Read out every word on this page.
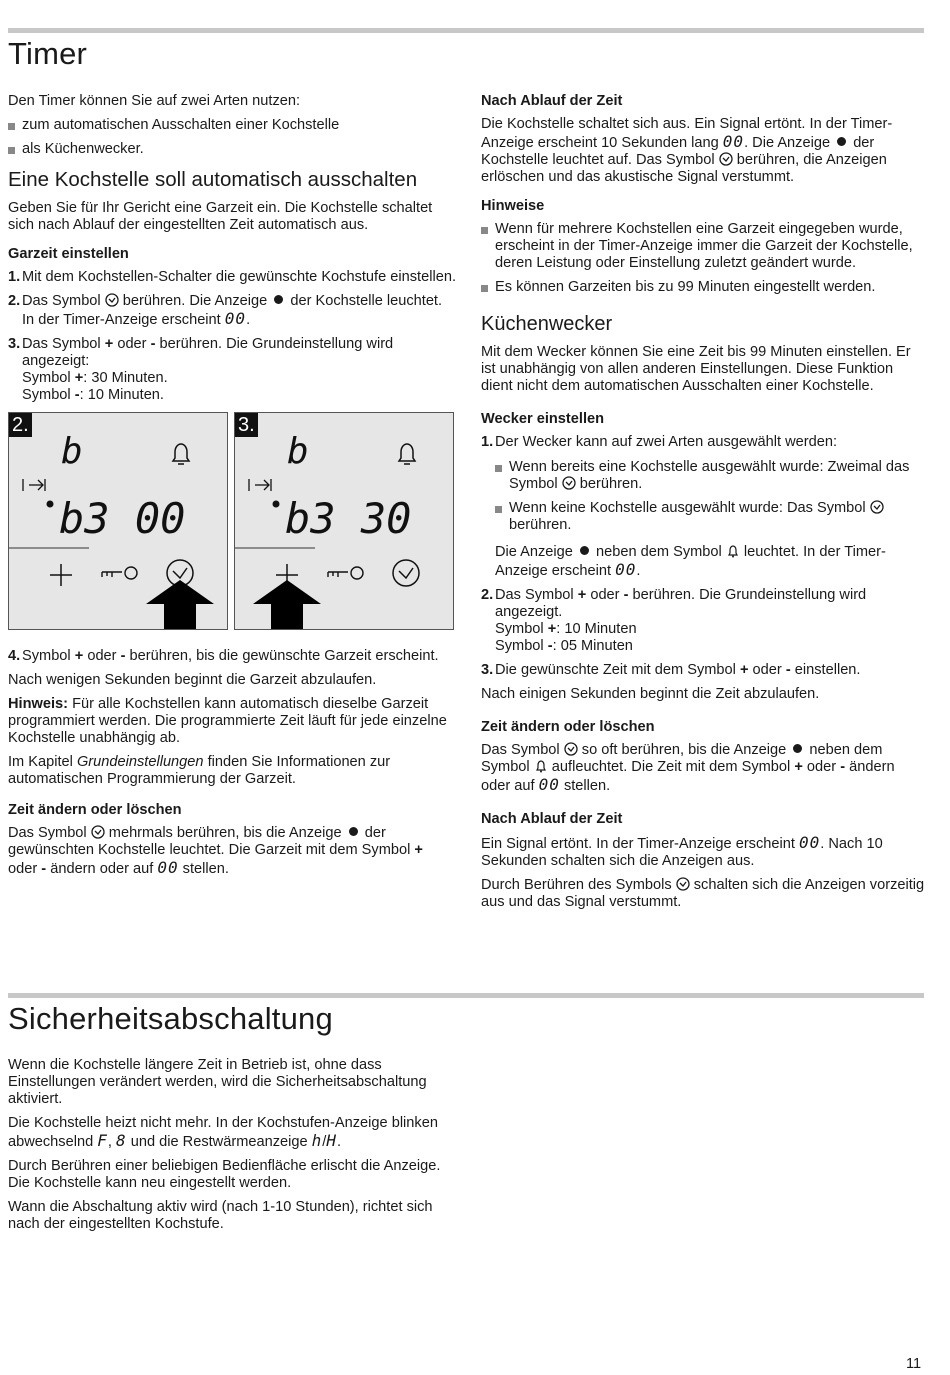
Timer

Den Timer können Sie auf zwei Arten nutzen:

zum automatischen Ausschalten einer Kochstelle
als Küchenwecker.
Eine Kochstelle soll automatisch ausschalten

Geben Sie für Ihr Gericht eine Garzeit ein. Die Kochstelle schaltet sich nach Ablauf der eingestellten Zeit automatisch aus.

Garzeit einstellen
1. Mit dem Kochstellen-Schalter die gewünschte Kochstufe einstellen.
2. Das Symbol berühren. Die Anzeige der Kochstelle leuchtet. In der Timer-Anzeige erscheint 00.
3. Das Symbol + oder - berühren. Die Grundeinstellung wird angezeigt:
Symbol +: 30 Minuten.
Symbol -: 10 Minuten.
b
b3 00
2.
b
b3 30
3.
4. Symbol + oder - berühren, bis die gewünschte Garzeit erscheint.

Nach wenigen Sekunden beginnt die Garzeit abzulaufen.

Hinweis: Für alle Kochstellen kann automatisch dieselbe Garzeit programmiert werden. Die programmierte Zeit läuft für jede einzelne Kochstelle unabhängig ab.

Im Kapitel Grundeinstellungen finden Sie Informationen zur automatischen Programmierung der Garzeit.

Zeit ändern oder löschen

Das Symbol mehrmals berühren, bis die Anzeige der gewünschten Kochstelle leuchtet. Die Garzeit mit dem Symbol + oder - ändern oder auf 00 stellen.

Nach Ablauf der Zeit

Die Kochstelle schaltet sich aus. Ein Signal ertönt. In der Timer-Anzeige erscheint 10 Sekunden lang 00. Die Anzeige der Kochstelle leuchtet auf. Das Symbol berühren, die Anzeigen erlöschen und das akustische Signal verstummt.

Hinweise
Wenn für mehrere Kochstellen eine Garzeit eingegeben wurde, erscheint in der Timer-Anzeige immer die Garzeit der Kochstelle, deren Leistung oder Einstellung zuletzt geändert wurde.
Es können Garzeiten bis zu 99 Minuten eingestellt werden.
Küchenwecker

Mit dem Wecker können Sie eine Zeit bis 99 Minuten einstellen. Er ist unabhängig von allen anderen Einstellungen. Diese Funktion dient nicht dem automatischen Ausschalten einer Kochstelle.

Wecker einstellen
1. Der Wecker kann auf zwei Arten ausgewählt werden:
Wenn bereits eine Kochstelle ausgewählt wurde: Zweimal das Symbol berühren.
Wenn keine Kochstelle ausgewählt wurde: Das Symbol  berühren.
Die Anzeige neben dem Symbol leuchtet. In der Timer-Anzeige erscheint 00.
2. Das Symbol + oder - berühren. Die Grundeinstellung wird angezeigt.
Symbol +: 10 Minuten
Symbol -: 05 Minuten
3. Die gewünschte Zeit mit dem Symbol + oder - einstellen.

Nach einigen Sekunden beginnt die Zeit abzulaufen.

Zeit ändern oder löschen

Das Symbol so oft berühren, bis die Anzeige neben dem Symbol aufleuchtet. Die Zeit mit dem Symbol + oder - ändern oder auf 00 stellen.

Nach Ablauf der Zeit

Ein Signal ertönt. In der Timer-Anzeige erscheint 00. Nach 10 Sekunden schalten sich die Anzeigen aus.

Durch Berühren des Symbols schalten sich die Anzeigen vorzeitig aus und das Signal verstummt.

Sicherheitsabschaltung

Wenn die Kochstelle längere Zeit in Betrieb ist, ohne dass Einstellungen verändert werden, wird die Sicherheitsabschaltung aktiviert.

Die Kochstelle heizt nicht mehr. In der Kochstufen-Anzeige blinken abwechselnd F, 8 und die Restwärmeanzeige h/H.

Durch Berühren einer beliebigen Bedienfläche erlischt die Anzeige. Die Kochstelle kann neu eingestellt werden.

Wann die Abschaltung aktiv wird (nach 1-10 Stunden), richtet sich nach der eingestellten Kochstufe.

11
